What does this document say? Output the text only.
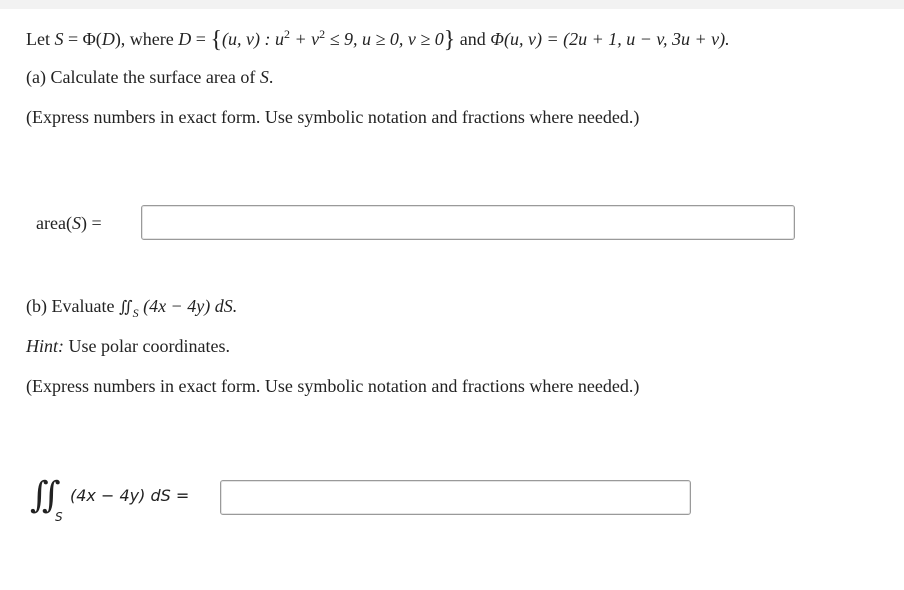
Let S = Φ(D), where D = {(u, v) : $u^2 + v^2 \le 9$, u ≥ 0, v ≥ 0} and Φ(u, v) = (2u + 1, u − v, 3u + v).
(a) Calculate the surface area of S.
(Express numbers in exact form. Use symbolic notation and fractions where needed.)
area(S) =
(b) Evaluate $∬_S$ (4x − 4y) dS.
Hint: Use polar coordinates.
(Express numbers in exact form. Use symbolic notation and fractions where needed.)
∬
S
(4x − 4y) dS =
